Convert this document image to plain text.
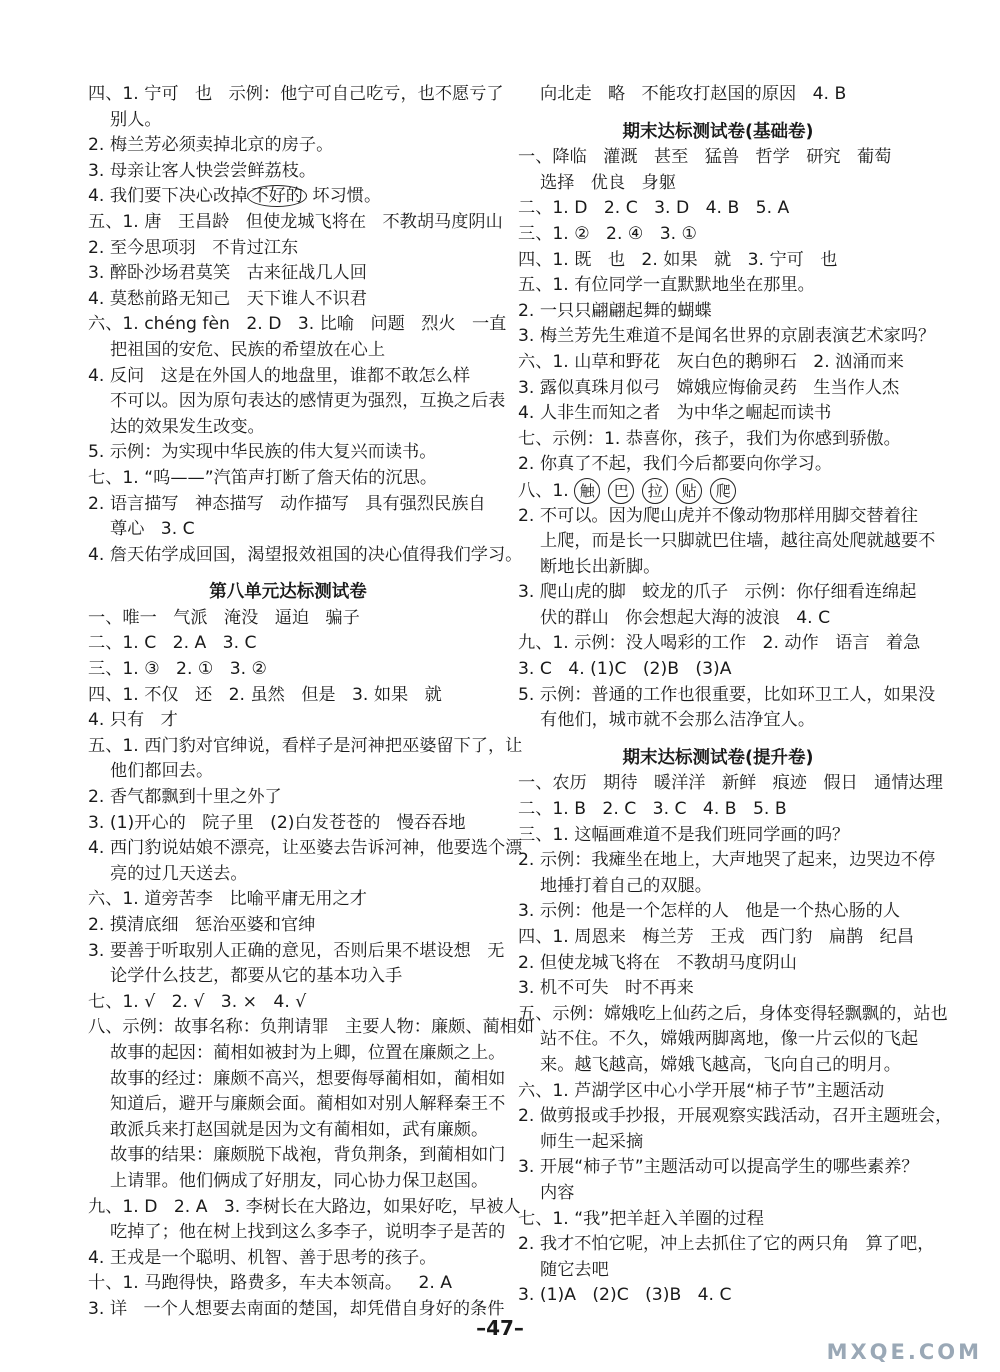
四、1. 宁可   也   示例：他宁可自己吃亏，也不愿亏了
别人。
2. 梅兰芳必须卖掉北京的房子。
3. 母亲让客人快尝尝鲜荔枝。
4. 我们要下决心改掉 不好的 坏习惯。
五、1. 唐   王昌龄   但使龙城飞将在   不教胡马度阴山
2. 至今思项羽   不肯过江东
3. 醉卧沙场君莫笑   古来征战几人回
4. 莫愁前路无知己   天下谁人不识君
六、1. chéng fèn   2. D   3. 比喻   问题   烈火   一直
把祖国的安危、民族的希望放在心上
4. 反问   这是在外国人的地盘里，谁都不敢怎么样
不可以。因为原句表达的感情更为强烈，互换之后表
达的效果发生改变。
5. 示例：为实现中华民族的伟大复兴而读书。
七、1. “呜——”汽笛声打断了詹天佑的沉思。
2. 语言描写   神态描写   动作描写   具有强烈民族自
尊心   3. C
4. 詹天佑学成回国，渴望报效祖国的决心值得我们学习。
第八单元达标测试卷
一、唯一   气派   淹没   逼迫   骗子
二、1. C   2. A   3. C
三、1. ③   2. ①   3. ②
四、1. 不仅   还   2. 虽然   但是   3. 如果   就
4. 只有   才
五、1. 西门豹对官绅说，看样子是河神把巫婆留下了，让
他们都回去。
2. 香气都飘到十里之外了
3. (1)开心的   院子里   (2)白发苍苍的   慢吞吞地
4. 西门豹说姑娘不漂亮，让巫婆去告诉河神，他要选个漂
亮的过几天送去。
六、1. 道旁苦李   比喻平庸无用之才
2. 摸清底细   惩治巫婆和官绅
3. 要善于听取别人正确的意见，否则后果不堪设想   无
论学什么技艺，都要从它的基本功入手
七、1. √   2. √   3. ×   4. √
八、示例：故事名称：负荆请罪   主要人物：廉颇、蔺相如
故事的起因：蔺相如被封为上卿，位置在廉颇之上。
故事的经过：廉颇不高兴，想要侮辱蔺相如，蔺相如
知道后，避开与廉颇会面。蔺相如对别人解释秦王不
敢派兵来打赵国就是因为文有蔺相如，武有廉颇。
故事的结果：廉颇脱下战袍，背负荆条，到蔺相如门
上请罪。他们俩成了好朋友，同心协力保卫赵国。
九、1. D   2. A   3. 李树长在大路边，如果好吃，早被人
吃掉了；他在树上找到这么多李子，说明李子是苦的
4. 王戎是一个聪明、机智、善于思考的孩子。
十、1. 马跑得快，路费多，车夫本领高。   2. A
3. 详   一个人想要去南面的楚国，却凭借自身好的条件
向北走   略   不能攻打赵国的原因   4. B
期末达标测试卷(基础卷)
一、降临   灌溉   甚至   猛兽   哲学   研究   葡萄
选择   优良   身躯
二、1. D   2. C   3. D   4. B   5. A
三、1. ②   2. ④   3. ①
四、1. 既   也   2. 如果   就   3. 宁可   也
五、1. 有位同学一直默默地坐在那里。
2. 一只只翩翩起舞的蝴蝶
3. 梅兰芳先生难道不是闻名世界的京剧表演艺术家吗？
六、1. 山草和野花   灰白色的鹅卵石   2. 汹涌而来
3. 露似真珠月似弓   嫦娥应悔偷灵药   生当作人杰
4. 人非生而知之者   为中华之崛起而读书
七、示例：1. 恭喜你，孩子，我们为你感到骄傲。
2. 你真了不起，我们今后都要向你学习。
八、1. 触 巴 拉 贴 爬
2. 不可以。因为爬山虎并不像动物那样用脚交替着往
上爬，而是长一只脚就巴住墙，越往高处爬就越要不
断地长出新脚。
3. 爬山虎的脚   蛟龙的爪子   示例：你仔细看连绵起
伏的群山   你会想起大海的波浪   4. C
九、1. 示例：没人喝彩的工作   2. 动作   语言   着急
3. C   4. (1)C   (2)B   (3)A
5. 示例：普通的工作也很重要，比如环卫工人，如果没
有他们，城市就不会那么洁净宜人。
期末达标测试卷(提升卷)
一、农历   期待   暖洋洋   新鲜   痕迹   假日   通情达理
二、1. B   2. C   3. C   4. B   5. B
三、1. 这幅画难道不是我们班同学画的吗？
2. 示例：我瘫坐在地上，大声地哭了起来，边哭边不停
地捶打着自己的双腿。
3. 示例：他是一个怎样的人   他是一个热心肠的人
四、1. 周恩来   梅兰芳   王戎   西门豹   扁鹊   纪昌
2. 但使龙城飞将在   不教胡马度阴山
3. 机不可失   时不再来
五、示例：嫦娥吃上仙药之后，身体变得轻飘飘的，站也
站不住。不久，嫦娥两脚离地，像一片云似的飞起
来。越飞越高，嫦娥飞越高，飞向自己的明月。
六、1. 芦湖学区中心小学开展“柿子节”主题活动
2. 做剪报或手抄报，开展观察实践活动，召开主题班会，
师生一起采摘
3. 开展“柿子节”主题活动可以提高学生的哪些素养？
内容
七、1. “我”把羊赶入羊圈的过程
2. 我才不怕它呢，冲上去抓住了它的两只角   算了吧，
随它去吧
3. (1)A   (2)C   (3)B   4. C
–47–
MXQE.COM
